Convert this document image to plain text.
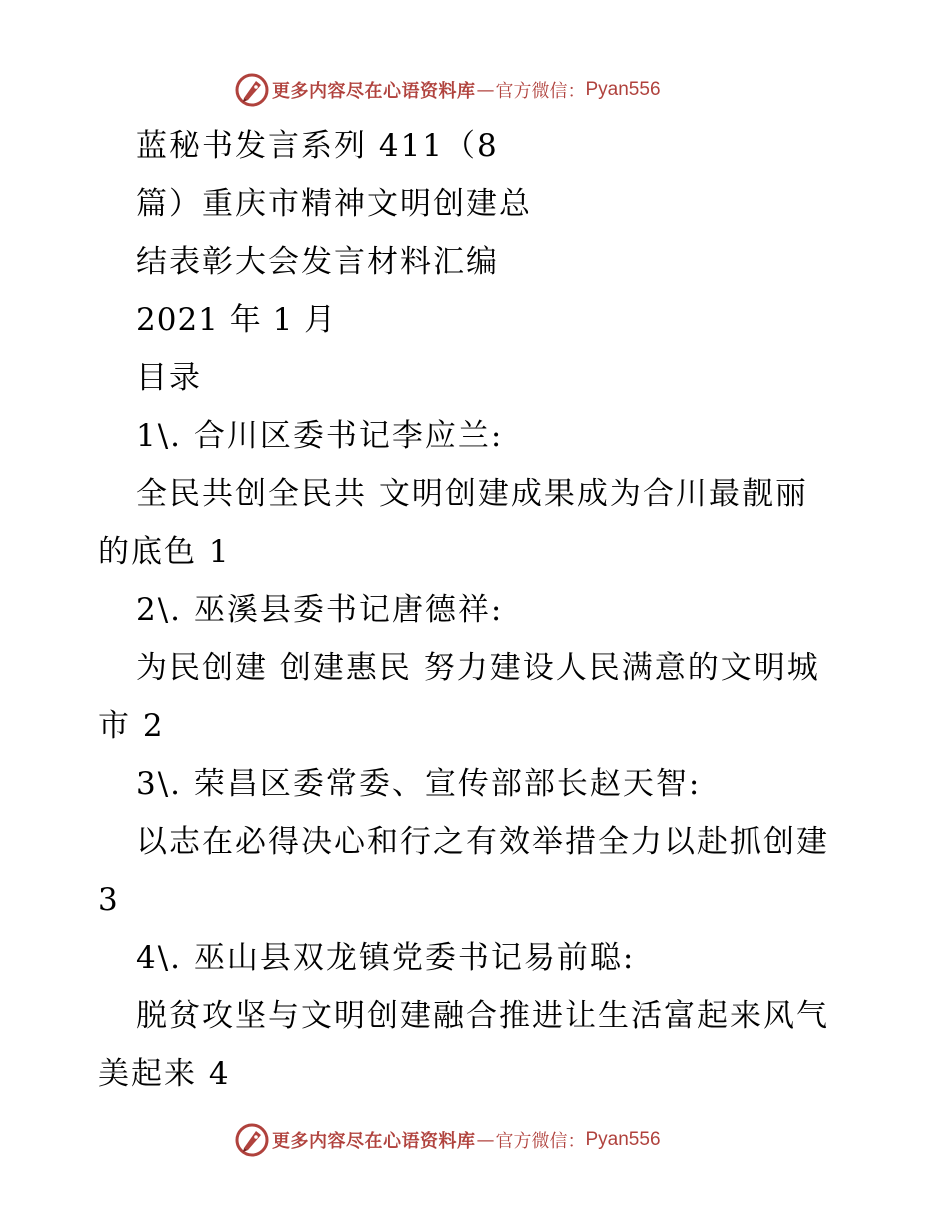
更多内容尽在心语资料库 — 官方微信： Pyan556
蓝秘书发言系列 411（8
篇）重庆市精神文明创建总
结表彰大会发言材料汇编
2021 年 1 月
目录
1\. 合川区委书记李应兰:
全民共创全民共 文明创建成果成为合川最靓丽
的底色 1
2\. 巫溪县委书记唐德祥:
为民创建 创建惠民 努力建设人民满意的文明城
市 2
3\. 荣昌区委常委、宣传部部长赵天智:
以志在必得决心和行之有效举措全力以赴抓创建
3
4\. 巫山县双龙镇党委书记易前聪:
脱贫攻坚与文明创建融合推进让生活富起来风气
美起来 4
更多内容尽在心语资料库 — 官方微信： Pyan556
